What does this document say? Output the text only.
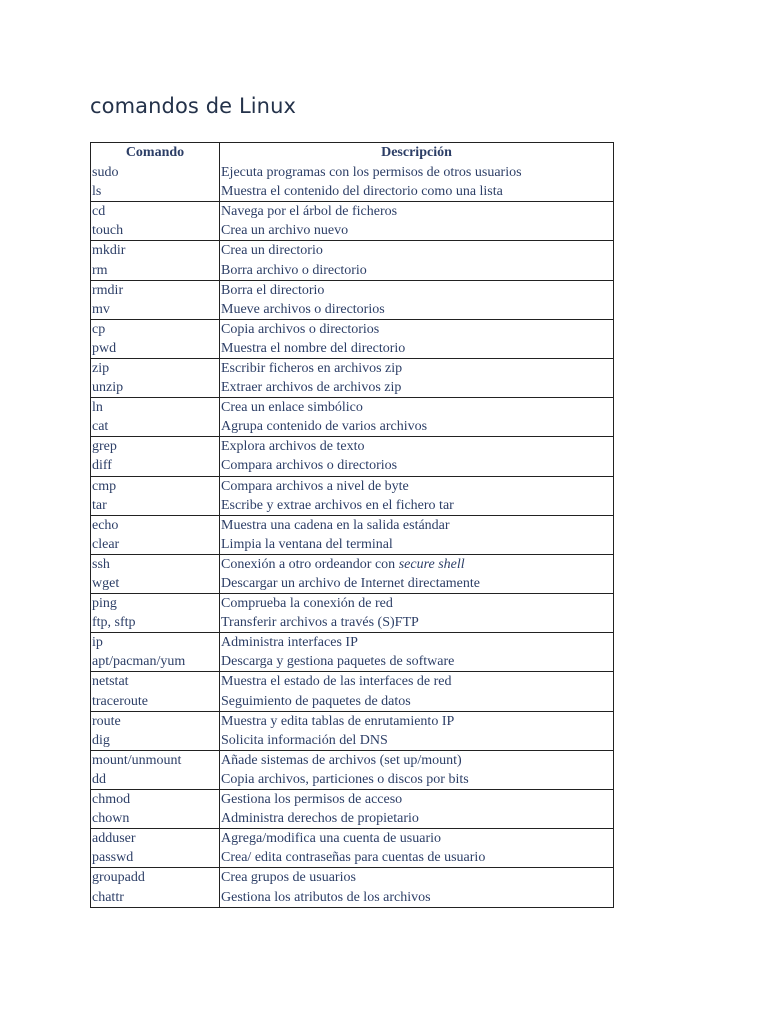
comandos de Linux
Comando	Descripción
sudo	Ejecuta programas con los permisos de otros usuarios
ls	Muestra el contenido del directorio como una lista
cd	Navega por el árbol de ficheros
touch	Crea un archivo nuevo
mkdir	Crea un directorio
rm	Borra archivo o directorio
rmdir	Borra el directorio
mv	Mueve archivos o directorios
cp	Copia archivos o directorios
pwd	Muestra el nombre del directorio
zip	Escribir ficheros en archivos zip
unzip	Extraer archivos de archivos zip
ln	Crea un enlace simbólico
cat	Agrupa contenido de varios archivos
grep	Explora archivos de texto
diff	Compara archivos o directorios
cmp	Compara archivos a nivel de byte
tar	Escribe y extrae archivos en el fichero tar
echo	Muestra una cadena en la salida estándar
clear	Limpia la ventana del terminal
ssh	Conexión a otro ordeandor con secure shell
wget	Descargar un archivo de Internet directamente
ping	Comprueba la conexión de red
ftp, sftp	Transferir archivos a través (S)FTP
ip	Administra interfaces IP
apt/pacman/yum	Descarga y gestiona paquetes de software
netstat	Muestra el estado de las interfaces de red
traceroute	Seguimiento de paquetes de datos
route	Muestra y edita tablas de enrutamiento IP
dig	Solicita información del DNS
mount/unmount	Añade sistemas de archivos (set up/mount)
dd	Copia archivos, particiones o discos por bits
chmod	Gestiona los permisos de acceso
chown	Administra derechos de propietario
adduser	Agrega/modifica una cuenta de usuario
passwd	Crea/ edita contraseñas para cuentas de usuario
groupadd	Crea grupos de usuarios
chattr	Gestiona los atributos de los archivos
